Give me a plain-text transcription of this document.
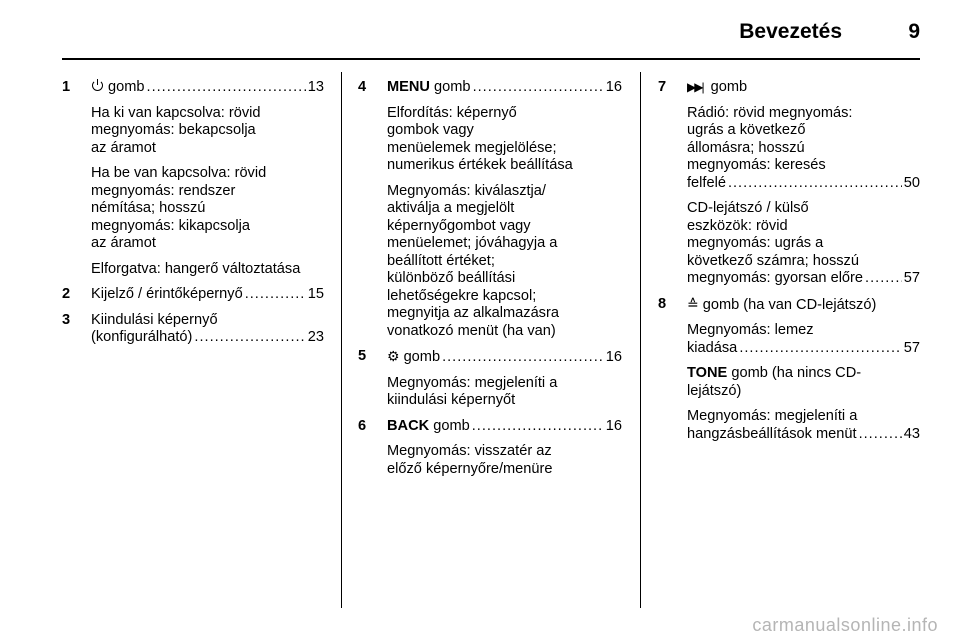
Bevezetés	9
1	gomb .....	13
Ha ki van kapcsolva: rövid
megnyomás: bekapcsolja
az áramot
Ha be van kapcsolva: rövid
megnyomás: rendszer
némítása; hosszú
megnyomás: kikapcsolja
az áramot
Elforgatva: hangerő változtatása
2 Kijelző / érintőképernyő .....	15
3 Kiindulási képernyő
(konfigurálható) .....	23
4 MENU gomb .....	16
Elfordítás: képernyő
gombok vagy
menüelemek megjelölése;
numerikus értékek beállítása
Megnyomás: kiválasztja/
aktiválja a megjelölt
képernyőgombot vagy
menüelemet; jóváhagyja a
beállított értéket;
különböző beállítási
lehetőségekre kapcsol;
megnyitja az alkalmazásra
vonatkozó menüt (ha van)
5 ⚙ gomb .....	16
Megnyomás: megjeleníti a
kiindulási képernyőt
6 BACK gomb .....	16
Megnyomás: visszatér az
előző képernyőre/menüre
7 ▶▶| gomb
Rádió: rövid megnyomás:
ugrás a következő
állomásra; hosszú
megnyomás: keresés
felfelé .....	50
CD-lejátszó / külső
eszközök: rövid
megnyomás: ugrás a
következő számra; hosszú
megnyomás: gyorsan előre .....	57
8 ≙ gomb (ha van CD-lejátszó)
Megnyomás: lemez
kiadása .....	57
TONE gomb (ha nincs CD-
lejátszó)
Megnyomás: megjeleníti a
hangzásbeállítások menüt .....	43
carmanualsonline.info
